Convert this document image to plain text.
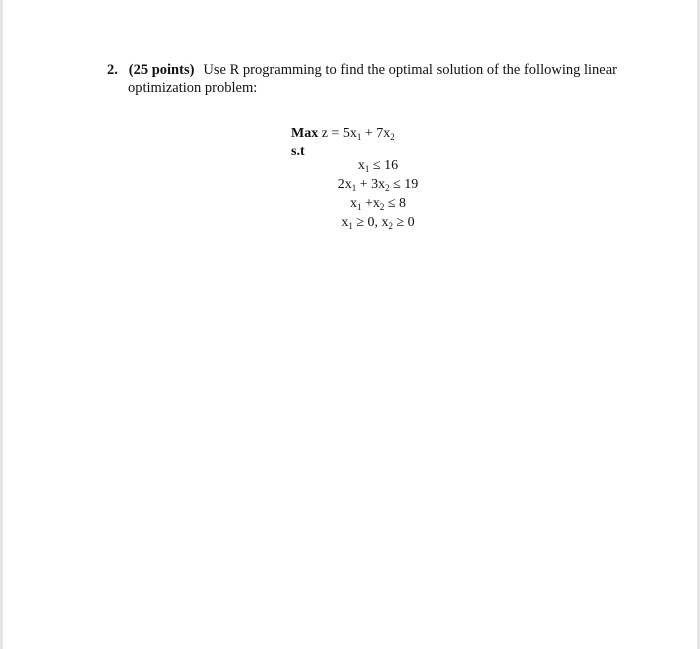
2. (25 points) Use R programming to find the optimal solution of the following linear
optimization problem:
Max $z = 5x_1 + 7x_2$
s.t
$x_1 \le 16$
$2x_1 + 3x_2 \le 19$
$x_1 +x_2 \le 8$
$x_1 \ge 0$, $x_2 \ge 0$
